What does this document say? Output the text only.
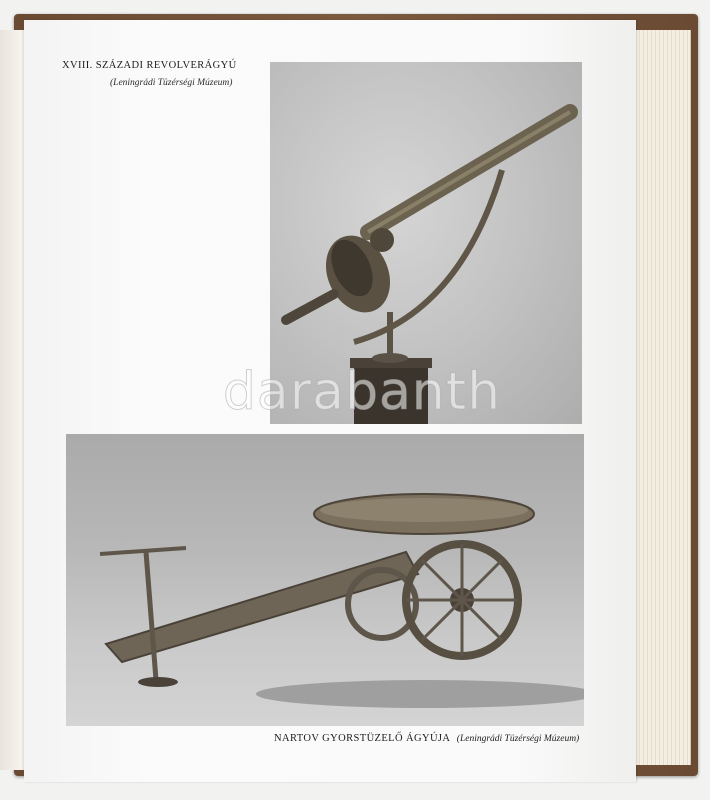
XVIII. SZÁZADI REVOLVERÁGYÚ
(Leningrádi Tüzérségi Múzeum)
NARTOV GYORSTÜZELŐ ÁGYÚJA (Leningrádi Tüzérségi Múzeum)
darabanth
